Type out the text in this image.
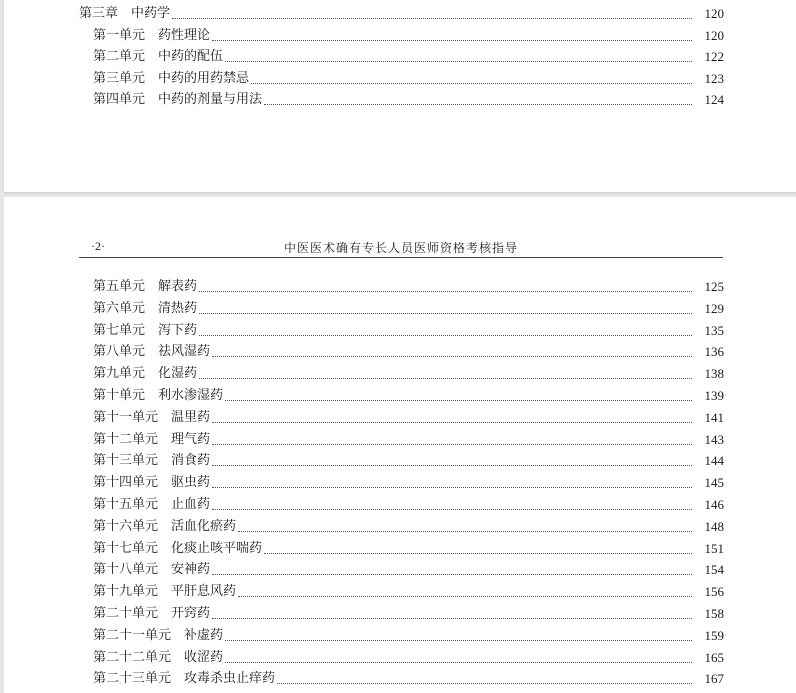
第三章 中药学	120
第一单元 药性理论	120
第二单元 中药的配伍	122
第三单元 中药的用药禁忌	123
第四单元 中药的剂量与用法	124
·2·	中医医术确有专长人员医师资格考核指导
第五单元 解表药	125
第六单元 清热药	129
第七单元 泻下药	135
第八单元 祛风湿药	136
第九单元 化湿药	138
第十单元 利水渗湿药	139
第十一单元 温里药	141
第十二单元 理气药	143
第十三单元 消食药	144
第十四单元 驱虫药	145
第十五单元 止血药	146
第十六单元 活血化瘀药	148
第十七单元 化痰止咳平喘药	151
第十八单元 安神药	154
第十九单元 平肝息风药	156
第二十单元 开窍药	158
第二十一单元 补虚药	159
第二十二单元 收涩药	165
第二十三单元 攻毒杀虫止痒药	167
